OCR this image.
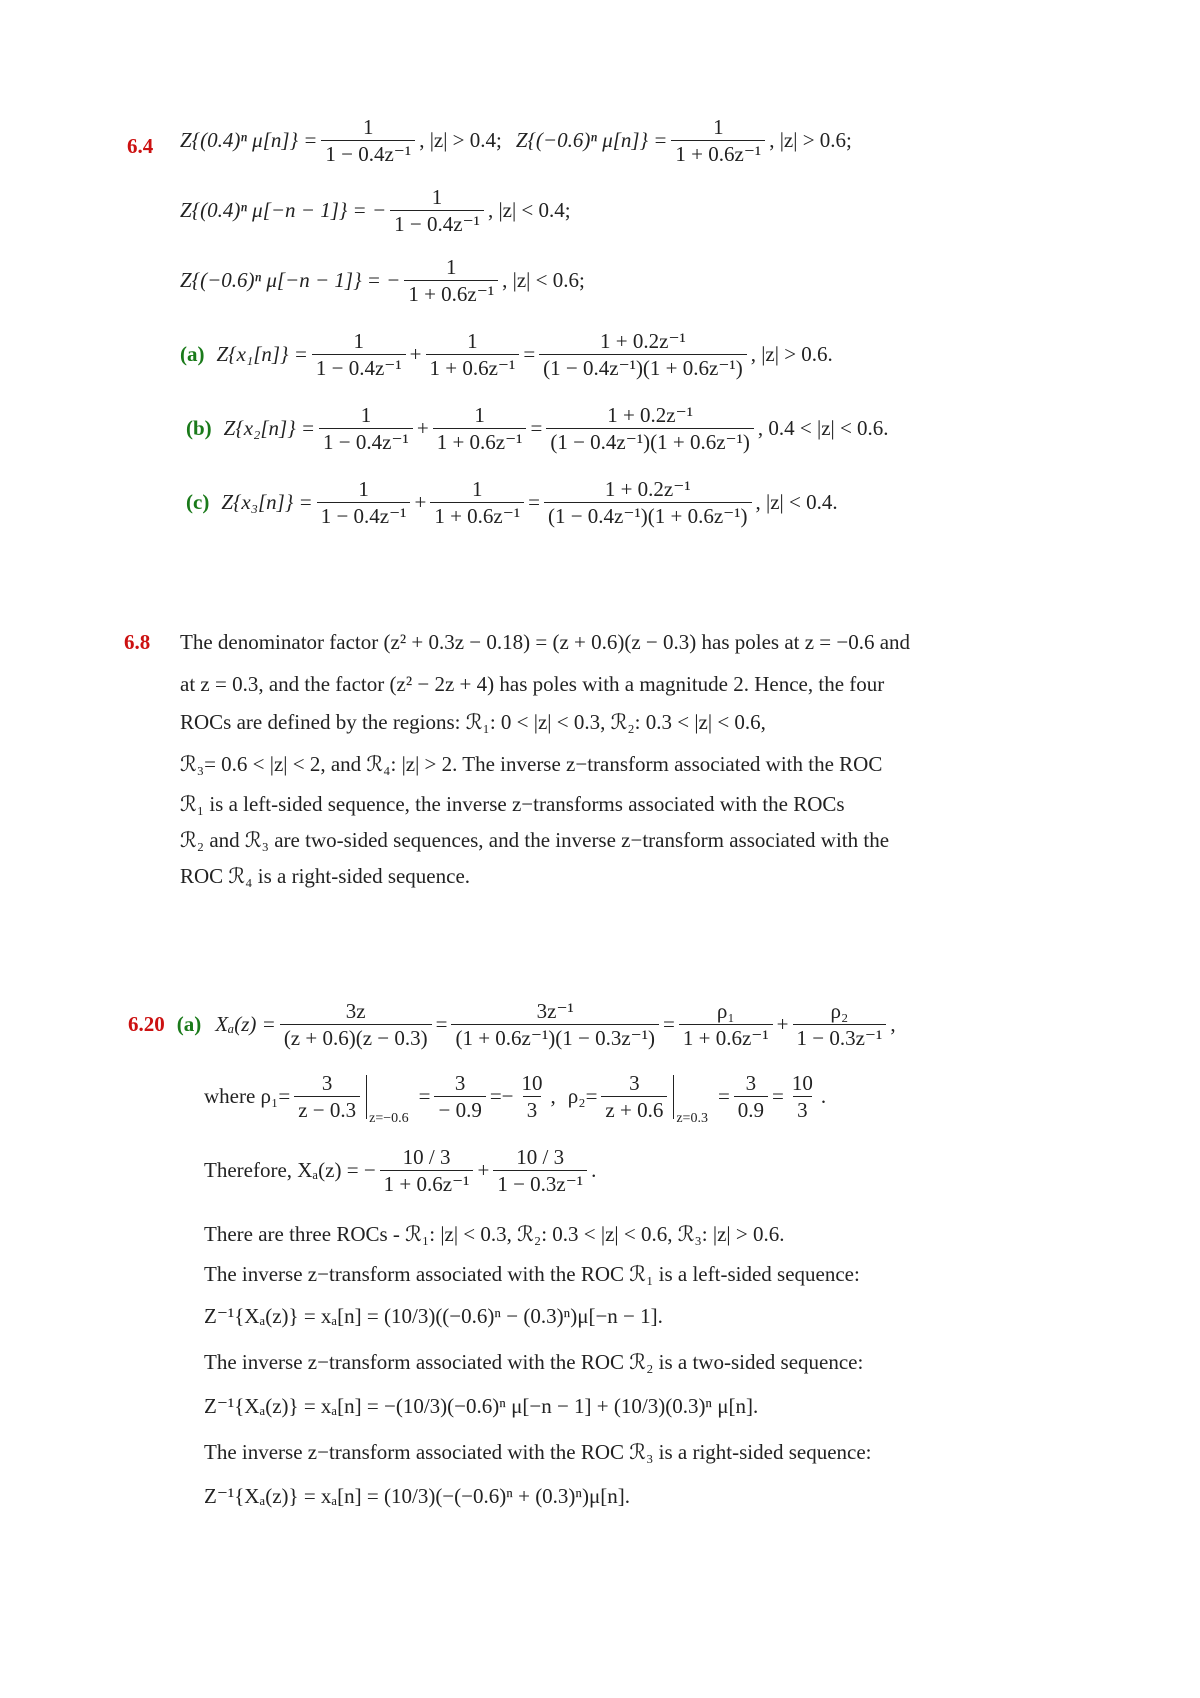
6.4 Z{(0.4)ⁿ $\mu[n]\} = \frac{1}{\text{1 − 0.4z⁻¹}}$ , |z| > 0.4; Z{(−0.6)ⁿ $\mu[n]\} = \frac{1}{\text{1 + 0.6z⁻¹}}$ , |z| > 0.6;
Z{(0.4)ⁿ μ[−n − 1]} = − $\frac{1}{\text{1 − 0.4z⁻¹}}$ , |z| < 0.4;
Z{(−0.6)ⁿ μ[−n − 1]} = − $\frac{1}{\text{1 + 0.6z⁻¹}}$ , |z| < 0.6;
(a) $Z\{x_1[n]\} = \frac{1}{\text{1 − 0.4z⁻¹}} + \frac{1}{\text{1 + 0.6z⁻¹}} = \frac{\text{1 + 0.2z⁻¹}}{\text{(1 − 0.4z⁻¹)(1 + 0.6z⁻¹)}}$ , |z| > 0.6.
(b) $Z\{x_2[n]\} = \frac{1}{\text{1 − 0.4z⁻¹}} + \frac{1}{\text{1 + 0.6z⁻¹}} = \frac{\text{1 + 0.2z⁻¹}}{\text{(1 − 0.4z⁻¹)(1 + 0.6z⁻¹)}}$ , 0.4 < |z| < 0.6.
(c) $Z\{x_3[n]\} = \frac{1}{\text{1 − 0.4z⁻¹}} + \frac{1}{\text{1 + 0.6z⁻¹}} = \frac{\text{1 + 0.2z⁻¹}}{\text{(1 − 0.4z⁻¹)(1 + 0.6z⁻¹)}}$ , |z| < 0.4.
6.8 The denominator factor (z² + 0.3z − 0.18) = (z + 0.6)(z − 0.3) has poles at z = −0.6 and
at z = 0.3, and the factor (z² − 2z + 4) has poles with a magnitude 2. Hence, the four
ROCs are defined by the regions: ℛ₁: 0 < |z| < 0.3, ℛ₂: 0.3 < |z| < 0.6,
ℛ₃= 0.6 < |z| < 2, and ℛ₄: |z| > 2. The inverse z−transform associated with the ROC
ℛ₁ is a left-sided sequence, the inverse z−transforms associated with the ROCs
ℛ₂ and ℛ₃ are two-sided sequences, and the inverse z−transform associated with the
ROC ℛ₄ is a right-sided sequence.
6.20 (a) $X_a(z) = \frac{3z}{(z + 0.6)(z - 0.3)} = \frac{\text{3z⁻¹}}{\text{(1 + 0.6z⁻¹)(1 − 0.3z⁻¹)}} = \frac{\text{ρ₁}}{\text{1 + 0.6z⁻¹}} + \frac{\text{ρ₂}}{\text{1 − 0.3z⁻¹}}$ ,
where $\rho_1= \frac{3}{z - 0.3} z=-0.6$
= $\frac{3}{- 0.9}$ = − $\frac{10}{3}$ , $\rho_2= \frac{3}{z + 0.6} z=0.3$
= $\frac{3}{0.9} = \frac{10}{3}$ .
Therefore, Xₐ(z) = − $\frac{10 / 3}{\text{1 + 0.6z⁻¹}} + \frac{10 / 3}{\text{1 − 0.3z⁻¹}}$ .
There are three ROCs - ℛ₁: |z| < 0.3, ℛ₂: 0.3 < |z| < 0.6, ℛ₃: |z| > 0.6.
The inverse z−transform associated with the ROC ℛ₁ is a left-sided sequence:
Z⁻¹{Xₐ(z)} = xₐ[n] = (10/3)((−0.6)ⁿ − (0.3)ⁿ)μ[−n − 1].
The inverse z−transform associated with the ROC ℛ₂ is a two-sided sequence:
Z⁻¹{Xₐ(z)} = xₐ[n] = −(10/3)(−0.6)ⁿ μ[−n − 1] + (10/3)(0.3)ⁿ μ[n].
The inverse z−transform associated with the ROC ℛ₃ is a right-sided sequence:
Z⁻¹{Xₐ(z)} = xₐ[n] = (10/3)(−(−0.6)ⁿ + (0.3)ⁿ)μ[n].
